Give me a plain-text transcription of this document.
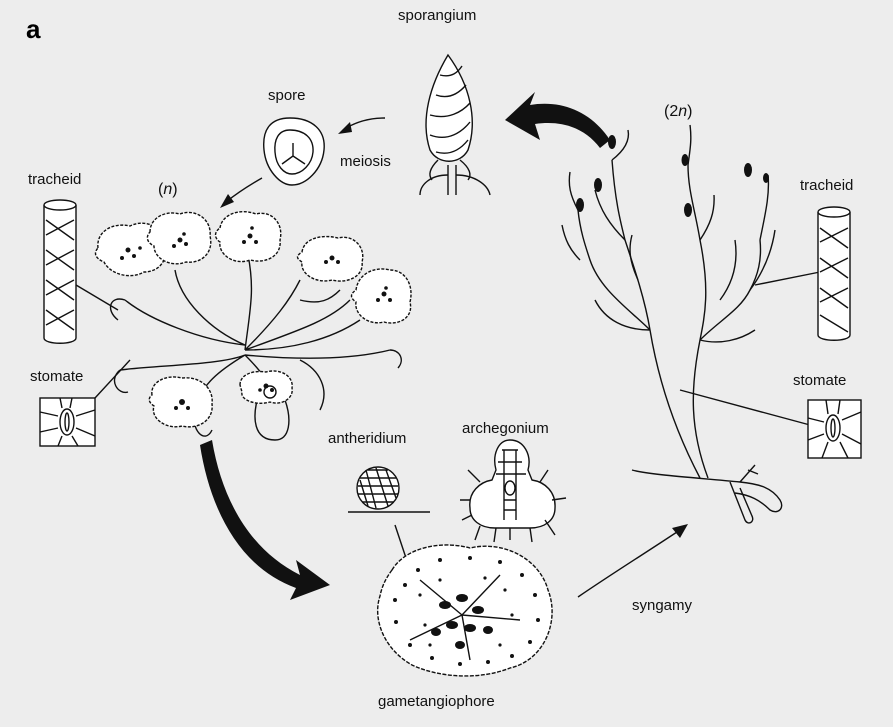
a	sporangium
spore
meiosis
(n)
(2n)
tracheid	tracheid
stomate	stomate
antheridium
archegonium
syngamy
gametangiophore
